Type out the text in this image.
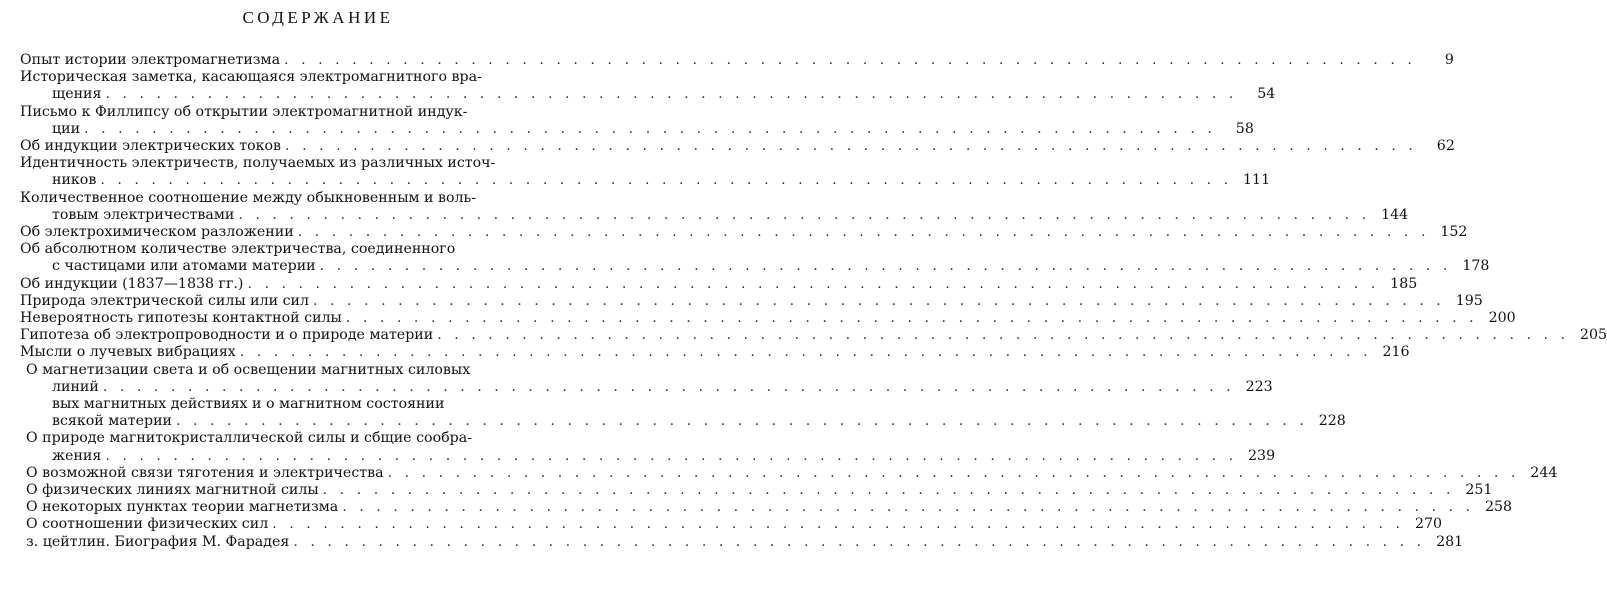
СОДЕРЖАНИЕ
Опыт истории электромагнетизма . . .	9
Историческая заметка, касающаяся электромагнитного вра-
щения . . .	54
Письмо к Филлипсу об открытии электромагнитной индук-
ции . . .	58
Об индукции электрических токов . . .	62
Идентичность электричеств, получаемых из различных источ-
ников . . .	111
Количественное соотношение между обыкновенным и воль-
товым электричествами . . .	144
Об электрохимическом разложении . . .	152
Об абсолютном количестве электричества, соединенного
с частицами или атомами материи . . .	178
Об индукции (1837—1838 гг.) . . .	185
Природа электрической силы или сил . . .	195
Невероятность гипотезы контактной силы . . .	200
Гипотеза об электропроводности и о природе материи . . .	205
Мысли о лучевых вибрациях . . .	216
О магнетизации света и об освещении магнитных силовых
линий . . .	223
вых магнитных действиях и о магнитном состоянии
всякой материи . . .	228
О природе магнитокристаллической силы и сбщие сообра-
жения . . .	239
О возможной связи тяготения и электричества . . .	244
О физических линиях магнитной силы . . .	251
О некоторых пунктах теории магнетизма . . .	258
О соотношении физических сил . . .	270
з. цейтлин. Биография М. Фарадея . . .	281
